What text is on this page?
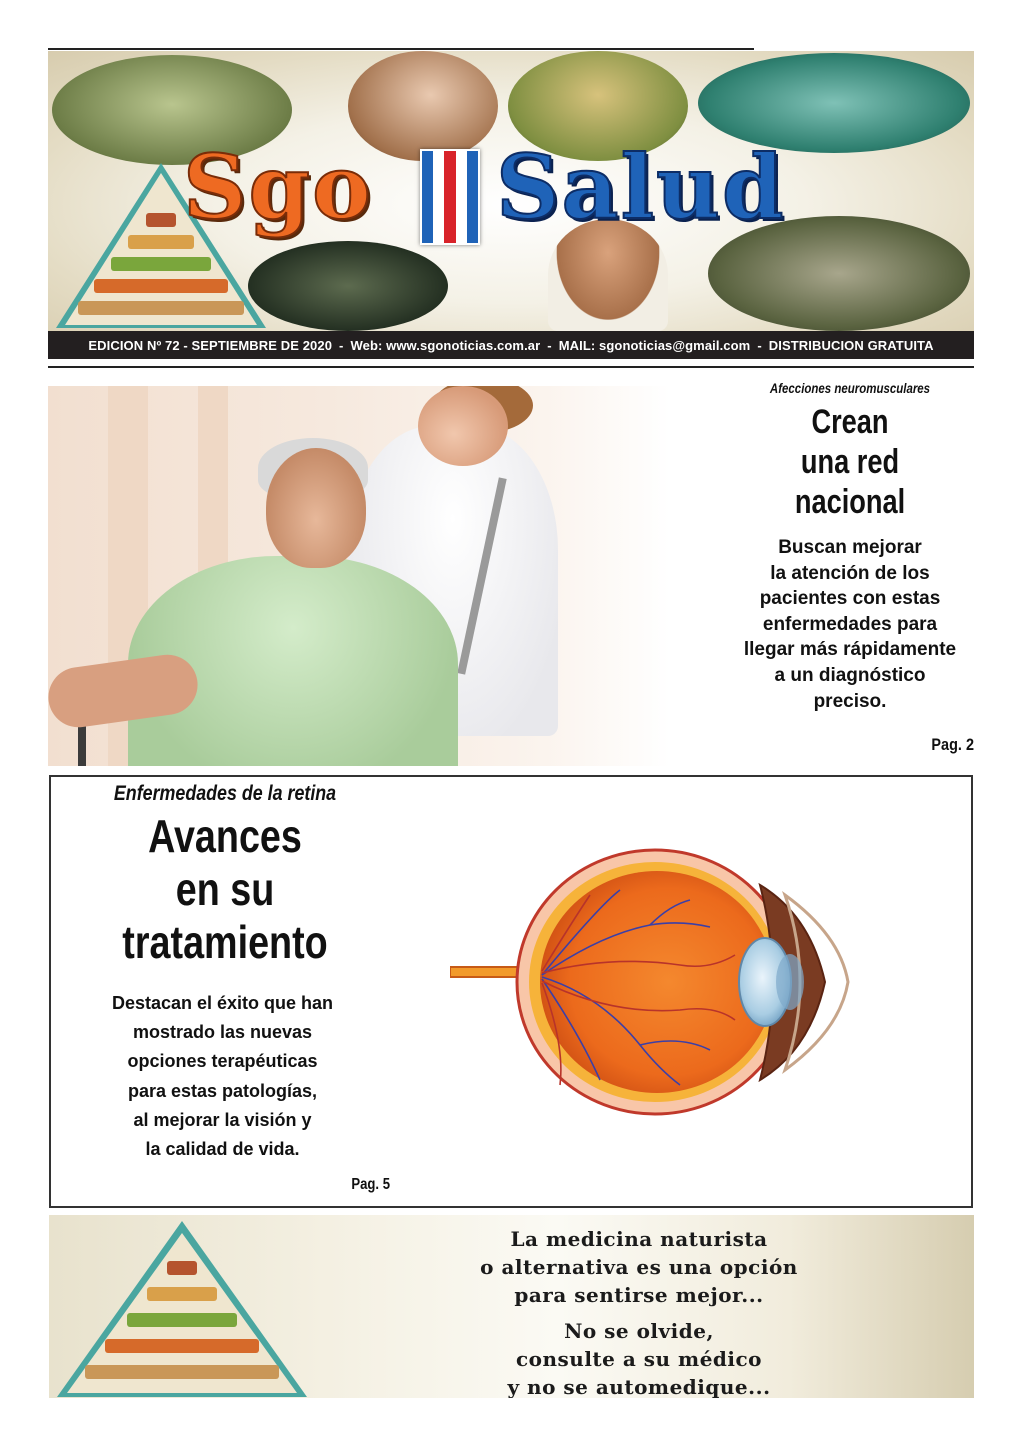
Sgo Salud
EDICION Nº 72 - SEPTIEMBRE DE 2020 - Web: www.sgonoticias.com.ar - MAIL: sgonoticias@gmail.com - DISTRIBUCION GRATUITA
Afecciones neuromusculares
Crean
una red
nacional
Buscan mejorar
la atención de los
pacientes con estas
enfermedades para
llegar más rápidamente
a un diagnóstico
preciso.
Pag. 2
Enfermedades de la retina
Avances
en su
tratamiento
Destacan el éxito que han
mostrado las nuevas
opciones terapéuticas
para estas patologías,
al mejorar la visión y
la calidad de vida.
Pag. 5
La medicina naturista
o alternativa es una opción
para sentirse mejor...
No se olvide,
consulte a su médico
y no se automedique...
